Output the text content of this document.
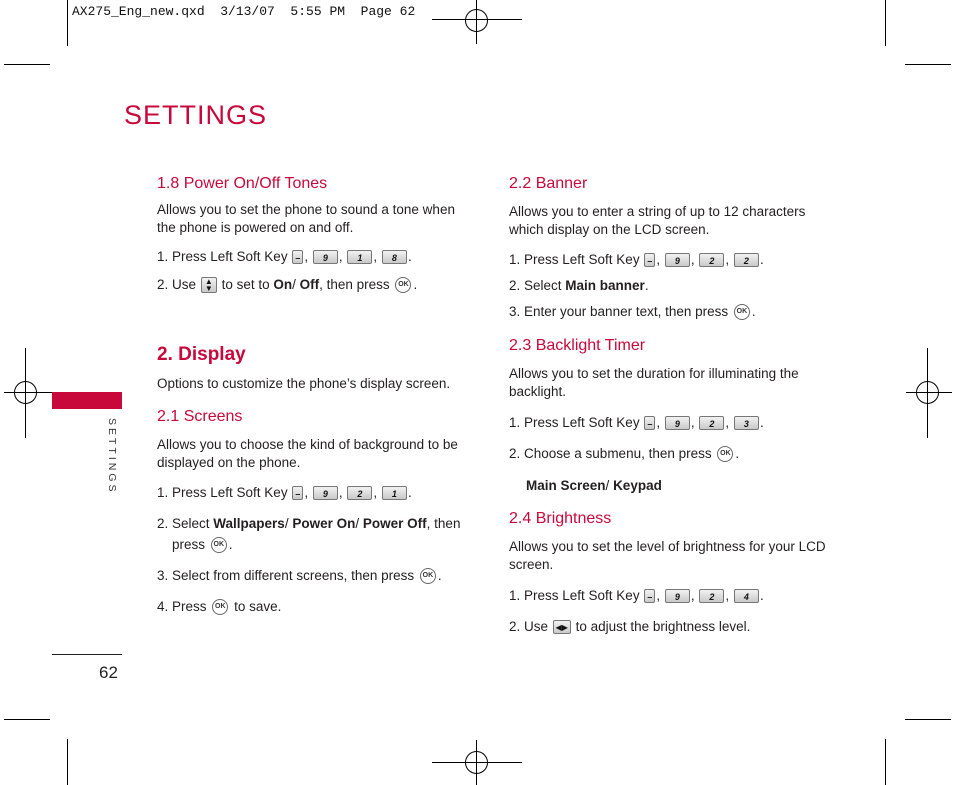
AX275_Eng_new.qxd  3/13/07  5:55 PM  Page 62
SETTINGS
SETTINGS
62
1.8 Power On/Off Tones

Allows you to set the phone to sound a tone when the phone is powered on and off.

1. Press Left Soft Key – , 9 , 1 , 8 .
2. Use ▲
▼ to set to On/ Off, then press OK .
2. Display

Options to customize the phone’s display screen.

2.1 Screens

Allows you to choose the kind of background to be displayed on the phone.

1. Press Left Soft Key – , 9 , 2 , 1 .
2. Select Wallpapers/ Power On/ Power Off, then
press OK .
3. Select from different screens, then press OK .
4. Press OK to save.
2.2 Banner

Allows you to enter a string of up to 12 characters which display on the LCD screen.

1. Press Left Soft Key – , 9 , 2 , 2 .
2. Select Main banner.
3. Enter your banner text, then press OK .
2.3 Backlight Timer

Allows you to set the duration for illuminating the backlight.

1. Press Left Soft Key – , 9 , 2 , 3 .
2. Choose a submenu, then press OK .
Main Screen/ Keypad
2.4 Brightness

Allows you to set the level of brightness for your LCD screen.

1. Press Left Soft Key – , 9 , 2 , 4 .
2. Use ◀▶ to adjust the brightness level.
